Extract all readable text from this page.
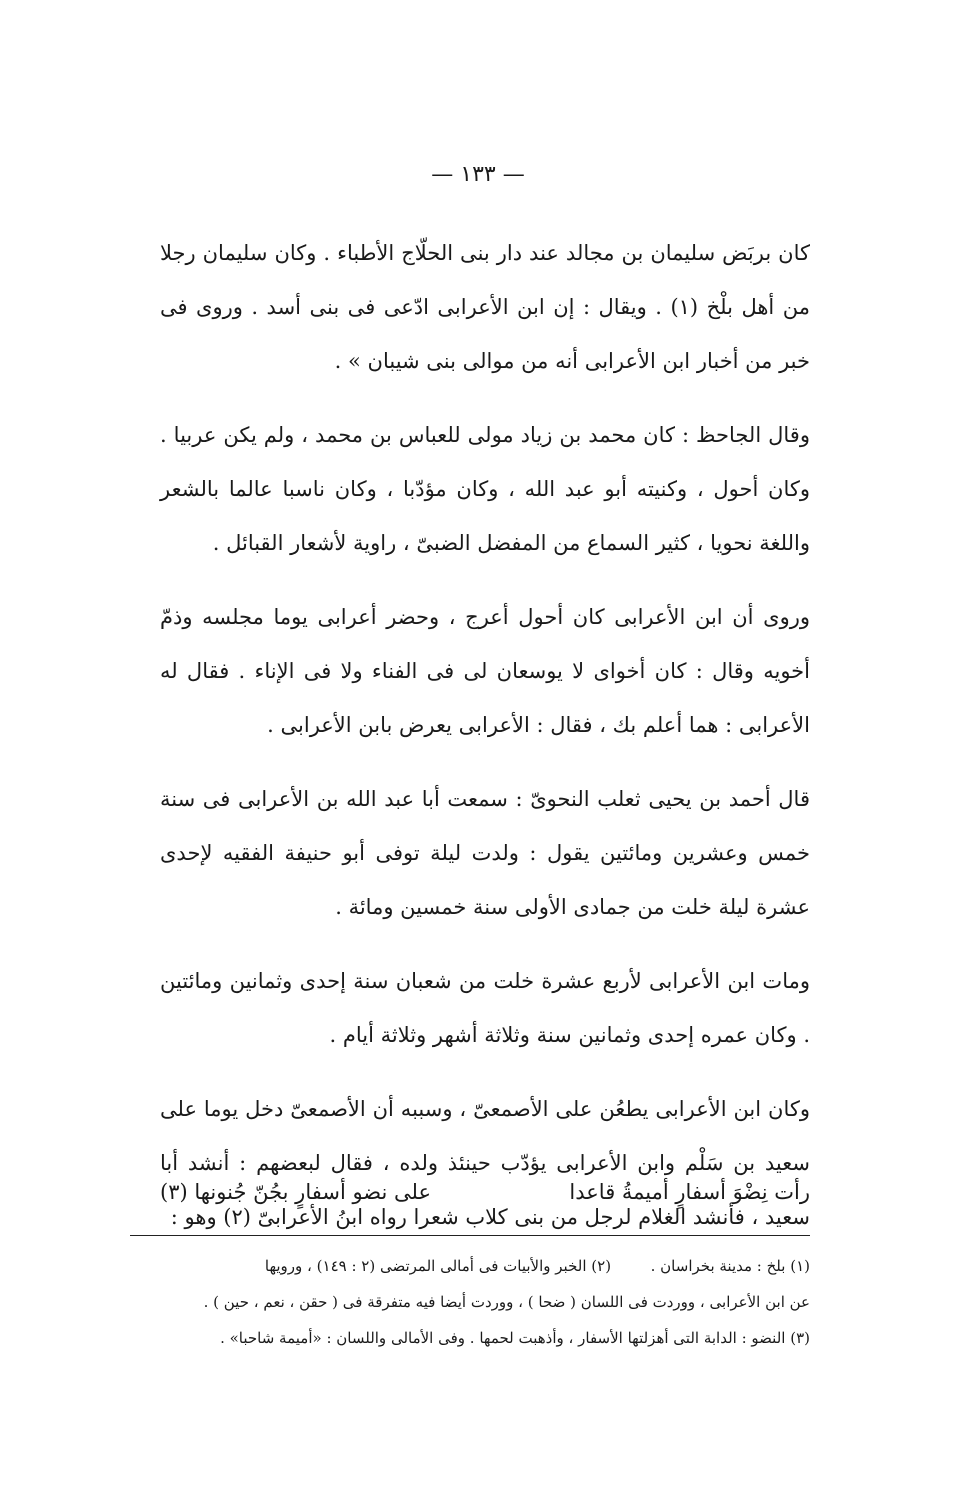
— ١٣٣ —

كان بربَض سليمان بن مجالد عند دار بنى الحلّاج الأطباء . وكان سليمان رجلا من أهل بلْخ (١) . ويقال : إن ابن الأعرابى ادّعى فى بنى أسد . وروى فى خبر من أخبار ابن الأعرابى أنه من موالى بنى شيبان » .

وقال الجاحظ : كان محمد بن زياد مولى للعباس بن محمد ، ولم يكن عربيا . وكان أحول ، وكنيته أبو عبد الله ، وكان مؤدّبا ، وكان ناسبا عالما بالشعر واللغة نحويا ، كثير السماع من المفضل الضبىّ ، راوية لأشعار القبائل .

وروى أن ابن الأعرابى كان أحول أعرج ، وحضر أعرابى يوما مجلسه وذمّ أخويه وقال : كان أخواى لا يوسعان لى فى الفناء ولا فى الإناء . فقال له الأعرابى : هما أعلم بك ، فقال : الأعرابى يعرض بابن الأعرابى .

قال أحمد بن يحيى ثعلب النحوىّ : سمعت أبا عبد الله بن الأعرابى فى سنة خمس وعشرين ومائتين يقول : ولدت ليلة توفى أبو حنيفة الفقيه لإحدى عشرة ليلة خلت من جمادى الأولى سنة خمسين ومائة .

ومات ابن الأعرابى لأربع عشرة خلت من شعبان سنة إحدى وثمانين ومائتين . وكان عمره إحدى وثمانين سنة وثلاثة أشهر وثلاثة أيام .

وكان ابن الأعرابى يطعُن على الأصمعىّ ، وسببه أن الأصمعىّ دخل يوما على سعيد بن سَلْم وابن الأعرابى يؤدّب حينئذ ولده ، فقال لبعضهم : أنشد أبا سعيد ، فأنشد الغلام لرجل من بنى كلاب شعرا رواه ابنُ الأعرابىّ (٢) وهو :

رأت نِضْوَ أسفارٍ أميمةُ قاعدا
على نضو أسفارٍ بجُنّ جُنونها (٣)
(١) بلخ : مدينة بخراسان .  (٢) الخبر والأبيات فى أمالى المرتضى (٢ : ١٤٩) ، ورويها
عن ابن الأعرابى ، ووردت فى اللسان ( ضحا ) ، ووردت أيضا فيه متفرقة فى ( حقن ، نعم ، حين ) .
(٣) النضو : الدابة التى أهزلتها الأسفار ، وأذهبت لحمها . وفى الأمالى واللسان : «أميمة شاحبا» .
